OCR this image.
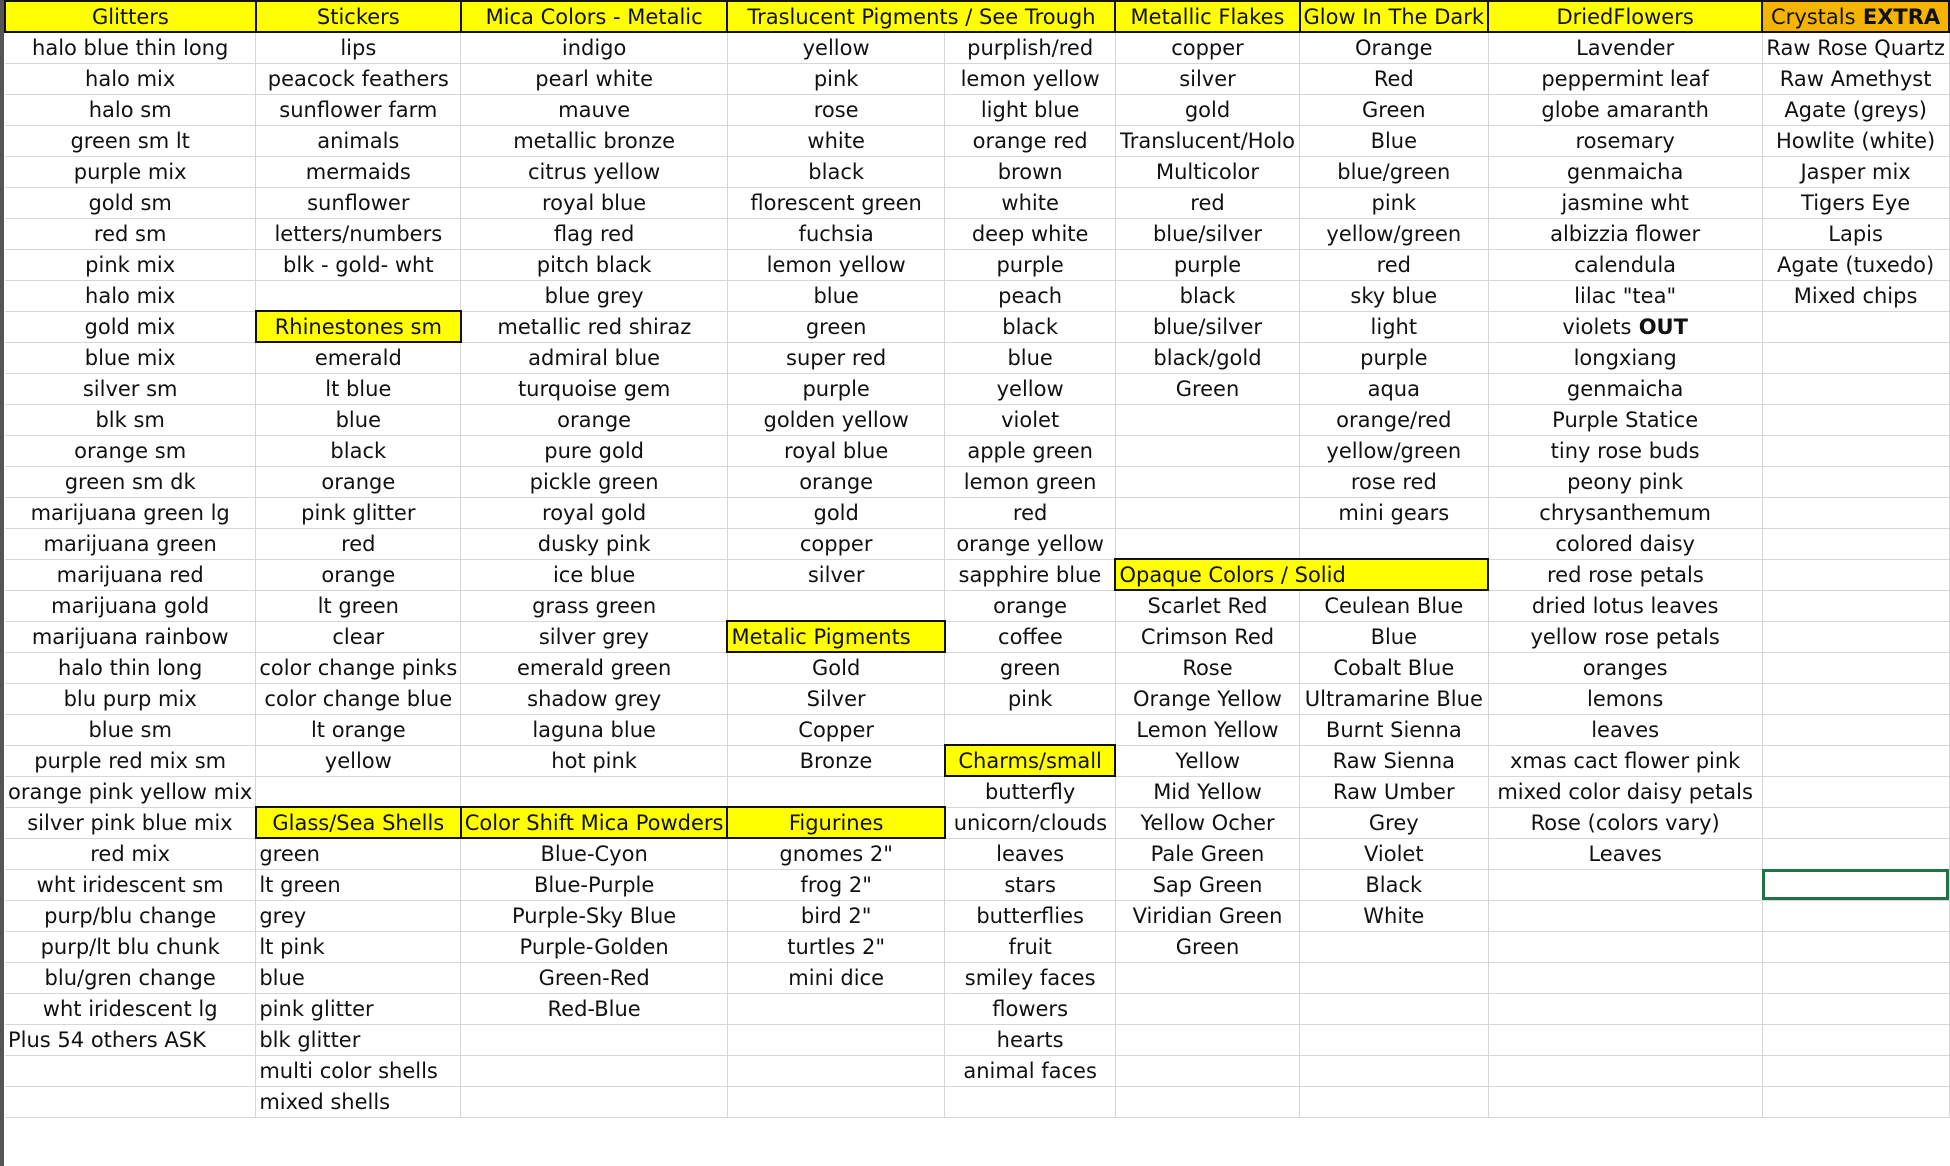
Glitters	Stickers	Mica Colors - Metalic	Traslucent Pigments / See Trough		Metallic Flakes	Glow In The Dark	DriedFlowers	Crystals EXTRA
halo blue thin long	lips	indigo	yellow	purplish/red	copper	Orange	Lavender	Raw Rose Quartz
halo mix	peacock feathers	pearl white	pink	lemon yellow	silver	Red	peppermint leaf	Raw Amethyst
halo sm	sunflower farm	mauve	rose	light blue	gold	Green	globe amaranth	Agate (greys)
green sm lt	animals	metallic bronze	white	orange red	Translucent/Holo	Blue	rosemary	Howlite (white)
purple mix	mermaids	citrus yellow	black	brown	Multicolor	blue/green	genmaicha	Jasper mix
gold sm	sunflower	royal blue	florescent green	white	red	pink	jasmine wht	Tigers Eye
red sm	letters/numbers	flag red	fuchsia	deep white	blue/silver	yellow/green	albizzia flower	Lapis
pink mix	blk - gold- wht	pitch black	lemon yellow	purple	purple	red	calendula	Agate (tuxedo)
halo mix		blue grey	blue	peach	black	sky blue	lilac "tea"	Mixed chips
gold mix	Rhinestones sm	metallic red shiraz	green	black	blue/silver	light	violets OUT	
blue mix	emerald	admiral blue	super red	blue	black/gold	purple	longxiang	
silver sm	lt blue	turquoise gem	purple	yellow	Green	aqua	genmaicha	
blk sm	blue	orange	golden yellow	violet		orange/red	Purple Statice	
orange sm	black	pure gold	royal blue	apple green		yellow/green	tiny rose buds	
green sm dk	orange	pickle green	orange	lemon green		rose red	peony pink	
marijuana green lg	pink glitter	royal gold	gold	red		mini gears	chrysanthemum	
marijuana green	red	dusky pink	copper	orange yellow			colored daisy	
marijuana red	orange	ice blue	silver	sapphire blue	Opaque Colors / Solid		red rose petals	
marijuana gold	lt green	grass green		orange	Scarlet Red	Ceulean Blue	dried lotus leaves	
marijuana rainbow	clear	silver grey	Metalic Pigments	coffee	Crimson Red	Blue	yellow rose petals	
halo thin long	color change pinks	emerald green	Gold	green	Rose	Cobalt Blue	oranges	
blu purp mix	color change blue	shadow grey	Silver	pink	Orange Yellow	Ultramarine Blue	lemons	
blue sm	lt orange	laguna blue	Copper		Lemon Yellow	Burnt Sienna	leaves	
purple red mix sm	yellow	hot pink	Bronze	Charms/small	Yellow	Raw Sienna	xmas cact flower pink	
orange pink yellow mix				butterfly	Mid Yellow	Raw Umber	mixed color daisy petals	
silver pink blue mix	Glass/Sea Shells	Color Shift Mica Powders	Figurines	unicorn/clouds	Yellow Ocher	Grey	Rose (colors vary)	
red mix	green	Blue-Cyon	gnomes 2"	leaves	Pale Green	Violet	Leaves	
wht iridescent sm	lt green	Blue-Purple	frog 2"	stars	Sap Green	Black		
purp/blu change	grey	Purple-Sky Blue	bird 2"	butterflies	Viridian Green	White		
purp/lt blu chunk	lt pink	Purple-Golden	turtles 2"	fruit	Green			
blu/gren change	blue	Green-Red	mini dice	smiley faces				
wht iridescent lg	pink glitter	Red-Blue		flowers				
Plus 54 others ASK	blk glitter			hearts				
	multi color shells			animal faces				
	mixed shells							
